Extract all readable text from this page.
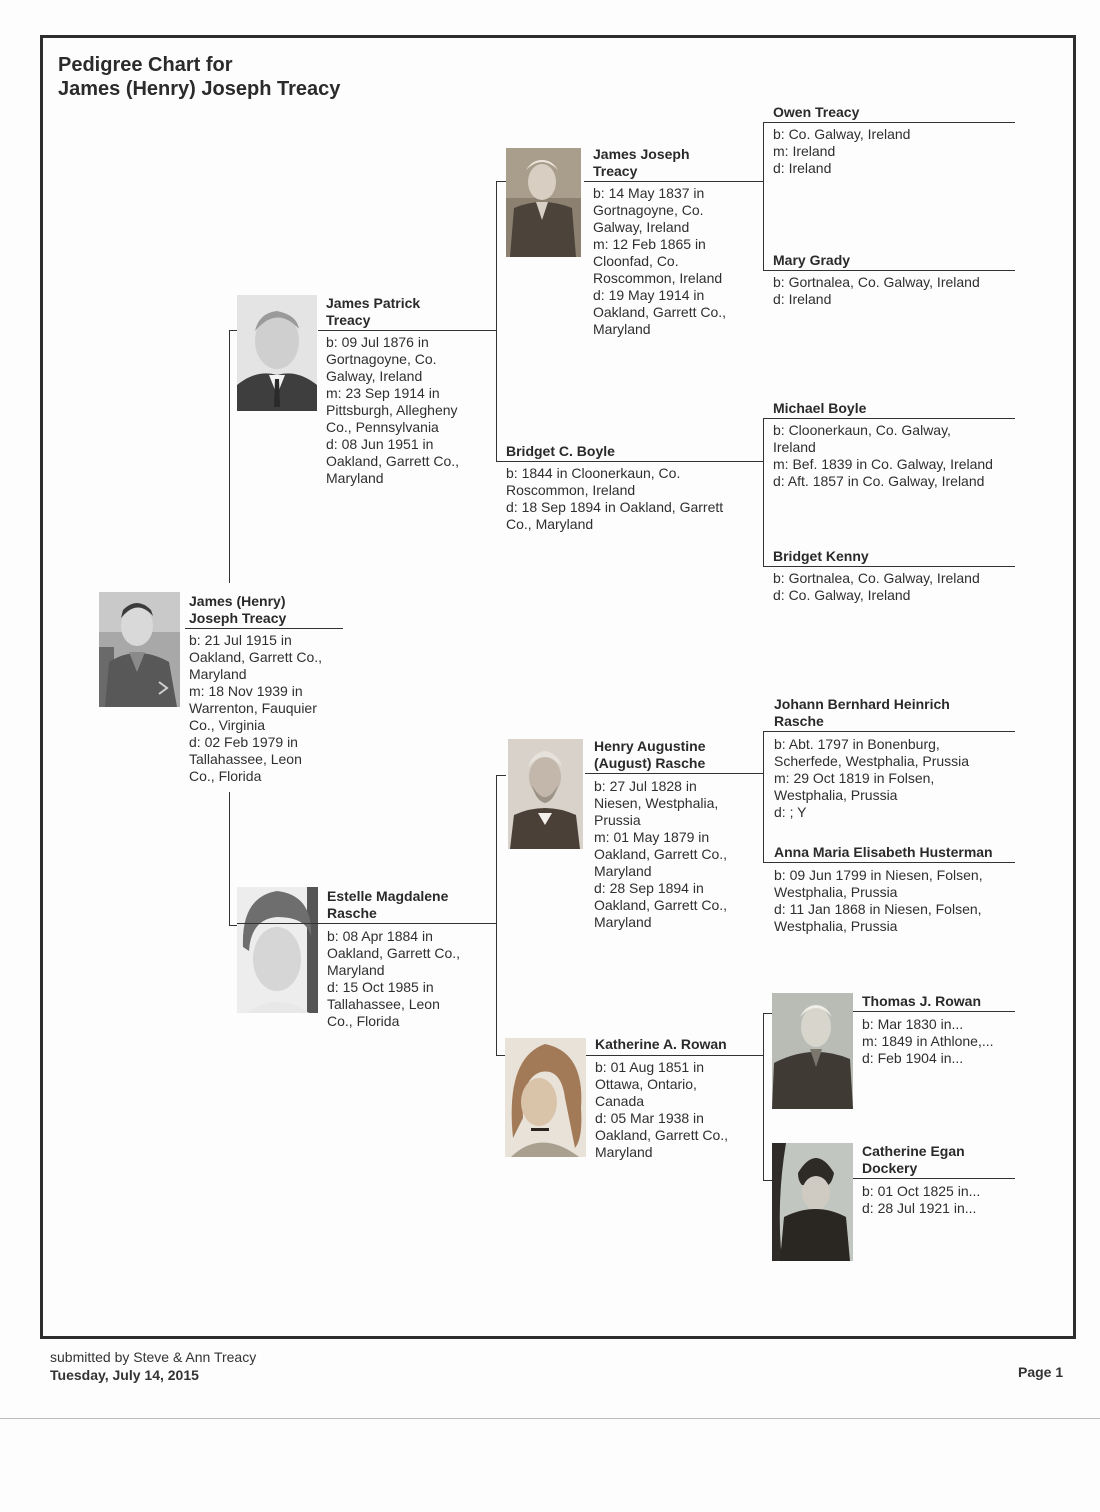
Pedigree Chart for
James (Henry) Joseph Treacy
James (Henry)
Joseph Treacy
b: 21 Jul 1915 in
Oakland, Garrett Co.,
Maryland
m: 18 Nov 1939 in
Warrenton, Fauquier
Co., Virginia
d: 02 Feb 1979 in
Tallahassee, Leon
Co., Florida
James Patrick
Treacy
b: 09 Jul 1876 in
Gortnagoyne, Co.
Galway, Ireland
m: 23 Sep 1914 in
Pittsburgh, Allegheny
Co., Pennsylvania
d: 08 Jun 1951 in
Oakland, Garrett Co.,
Maryland
Estelle Magdalene
Rasche
b: 08 Apr 1884 in
Oakland, Garrett Co.,
Maryland
d: 15 Oct 1985 in
Tallahassee, Leon
Co., Florida
James Joseph
Treacy
b: 14 May 1837 in
Gortnagoyne, Co.
Galway, Ireland
m: 12 Feb 1865 in
Cloonfad, Co.
Roscommon, Ireland
d: 19 May 1914 in
Oakland, Garrett Co.,
Maryland
Bridget C. Boyle
b: 1844 in Cloonerkaun, Co.
Roscommon, Ireland
d: 18 Sep 1894 in Oakland, Garrett
Co., Maryland
Henry Augustine
(August) Rasche
b: 27 Jul 1828 in
Niesen, Westphalia,
Prussia
m: 01 May 1879 in
Oakland, Garrett Co.,
Maryland
d: 28 Sep 1894 in
Oakland, Garrett Co.,
Maryland
Katherine A. Rowan
b: 01 Aug 1851 in
Ottawa, Ontario,
Canada
d: 05 Mar 1938 in
Oakland, Garrett Co.,
Maryland
Owen Treacy
b: Co. Galway, Ireland
m: Ireland
d: Ireland
Mary Grady
b: Gortnalea, Co. Galway, Ireland
d: Ireland
Michael Boyle
b: Cloonerkaun, Co. Galway,
Ireland
m: Bef. 1839 in Co. Galway, Ireland
d: Aft. 1857 in Co. Galway, Ireland
Bridget Kenny
b: Gortnalea, Co. Galway, Ireland
d: Co. Galway, Ireland
Johann Bernhard Heinrich
Rasche
b: Abt. 1797 in Bonenburg,
Scherfede, Westphalia, Prussia
m: 29 Oct 1819 in Folsen,
Westphalia, Prussia
d: ; Y
Anna Maria Elisabeth Husterman
b: 09 Jun 1799 in Niesen, Folsen,
Westphalia, Prussia
d: 11 Jan 1868 in Niesen, Folsen,
Westphalia, Prussia
Thomas J. Rowan
b: Mar 1830 in...
m: 1849 in Athlone,...
d: Feb 1904 in...
Catherine Egan
Dockery
b: 01 Oct 1825 in...
d: 28 Jul 1921 in...
submitted by Steve & Ann Treacy
Tuesday, July 14, 2015	Page 1
